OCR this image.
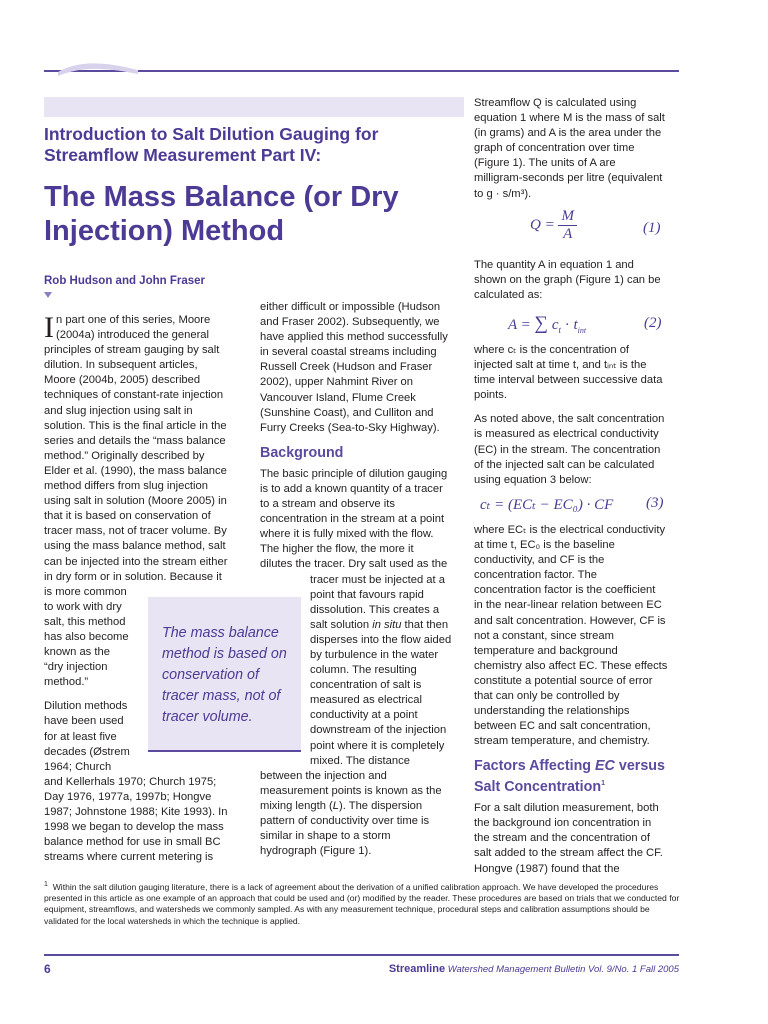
Introduction to Salt Dilution Gauging for Streamflow Measurement Part IV:
The Mass Balance (or Dry Injection) Method
Rob Hudson and John Fraser

I n part one of this series, Moore
(2004a) introduced the general
principles of stream gauging by salt
dilution. In subsequent articles,
Moore (2004b, 2005) described
techniques of constant-rate injection
and slug injection using salt in
solution. This is the final article in the
series and details the “mass balance
method.” Originally described by
Elder et al. (1990), the mass balance
method differs from slug injection
using salt in solution (Moore 2005) in
that it is based on conservation of
tracer mass, not of tracer volume. By
using the mass balance method, salt
can be injected into the stream either
in dry form or in solution. Because it
is more common
to work with dry
salt, this method
has also become
known as the
“dry injection
method.”

Dilution methods
have been used
for at least five
decades (Østrem
1964; Church
and Kellerhals 1970; Church 1975;
Day 1976, 1977a, 1997b; Hongve
1987; Johnstone 1988; Kite 1993). In
1998 we began to develop the mass
balance method for use in small BC
streams where current metering is

The mass balance method is based on conservation of tracer mass, not of tracer volume.

either difficult or impossible (Hudson
and Fraser 2002). Subsequently, we
have applied this method successfully
in several coastal streams including
Russell Creek (Hudson and Fraser
2002), upper Nahmint River on
Vancouver Island, Flume Creek
(Sunshine Coast), and Culliton and
Furry Creeks (Sea-to-Sky Highway).

Background

The basic principle of dilution gauging
is to add a known quantity of a tracer
to a stream and observe its
concentration in the stream at a point
where it is fully mixed with the flow.
The higher the flow, the more it
dilutes the tracer. Dry salt used as the
tracer must be injected at a
point that favours rapid
dissolution. This creates a
salt solution in situ that then
disperses into the flow aided
by turbulence in the water
column. The resulting
concentration of salt is
measured as electrical
conductivity at a point
downstream of the injection
point where it is completely
mixed. The distance
between the injection and
measurement points is known as the
mixing length (L). The dispersion
pattern of conductivity over time is
similar in shape to a storm
hydrograph (Figure 1).

Streamflow Q is calculated using
equation 1 where M is the mass of salt
(in grams) and A is the area under the
graph of concentration over time
(Figure 1). The units of A are
milligram-seconds per litre (equivalent
to g · s/m³).

$Q = \frac{M}{A}$	(1)

The quantity A in equation 1 and
shown on the graph (Figure 1) can be
calculated as:

A = ∑ $c_t \cdot t_{int}$	(2)

where cₜ is the concentration of
injected salt at time t, and tᵢₙₜ is the
time interval between successive data
points.

As noted above, the salt concentration
is measured as electrical conductivity
(EC) in the stream. The concentration
of the injected salt can be calculated
using equation 3 below:

cₜ = (ECₜ − EC₀) · CF (3)

where ECₜ is the electrical conductivity
at time t, EC₀ is the baseline
conductivity, and CF is the
concentration factor. The
concentration factor is the coefficient
in the near-linear relation between EC
and salt concentration. However, CF is
not a constant, since stream
temperature and background
chemistry also affect EC. These effects
constitute a potential source of error
that can only be controlled by
understanding the relationships
between EC and salt concentration,
stream temperature, and chemistry.

Factors Affecting EC versus
Salt Concentration$^1$

For a salt dilution measurement, both
the background ion concentration in
the stream and the concentration of
salt added to the stream affect the CF.
Hongve (1987) found that the

$^1$ Within the salt dilution gauging literature, there is a lack of agreement about the derivation of a unified calibration approach. We have developed the procedures presented in this article as one example of an approach that could be used and (or) modified by the reader. These procedures are based on trials that we conducted for equipment, streamflows, and watersheds we commonly sampled. As with any measurement technique, procedural steps and calibration assumptions should be validated for the local watersheds in which the technique is applied.
6	Streamline Watershed Management Bulletin Vol. 9/No. 1 Fall 2005
